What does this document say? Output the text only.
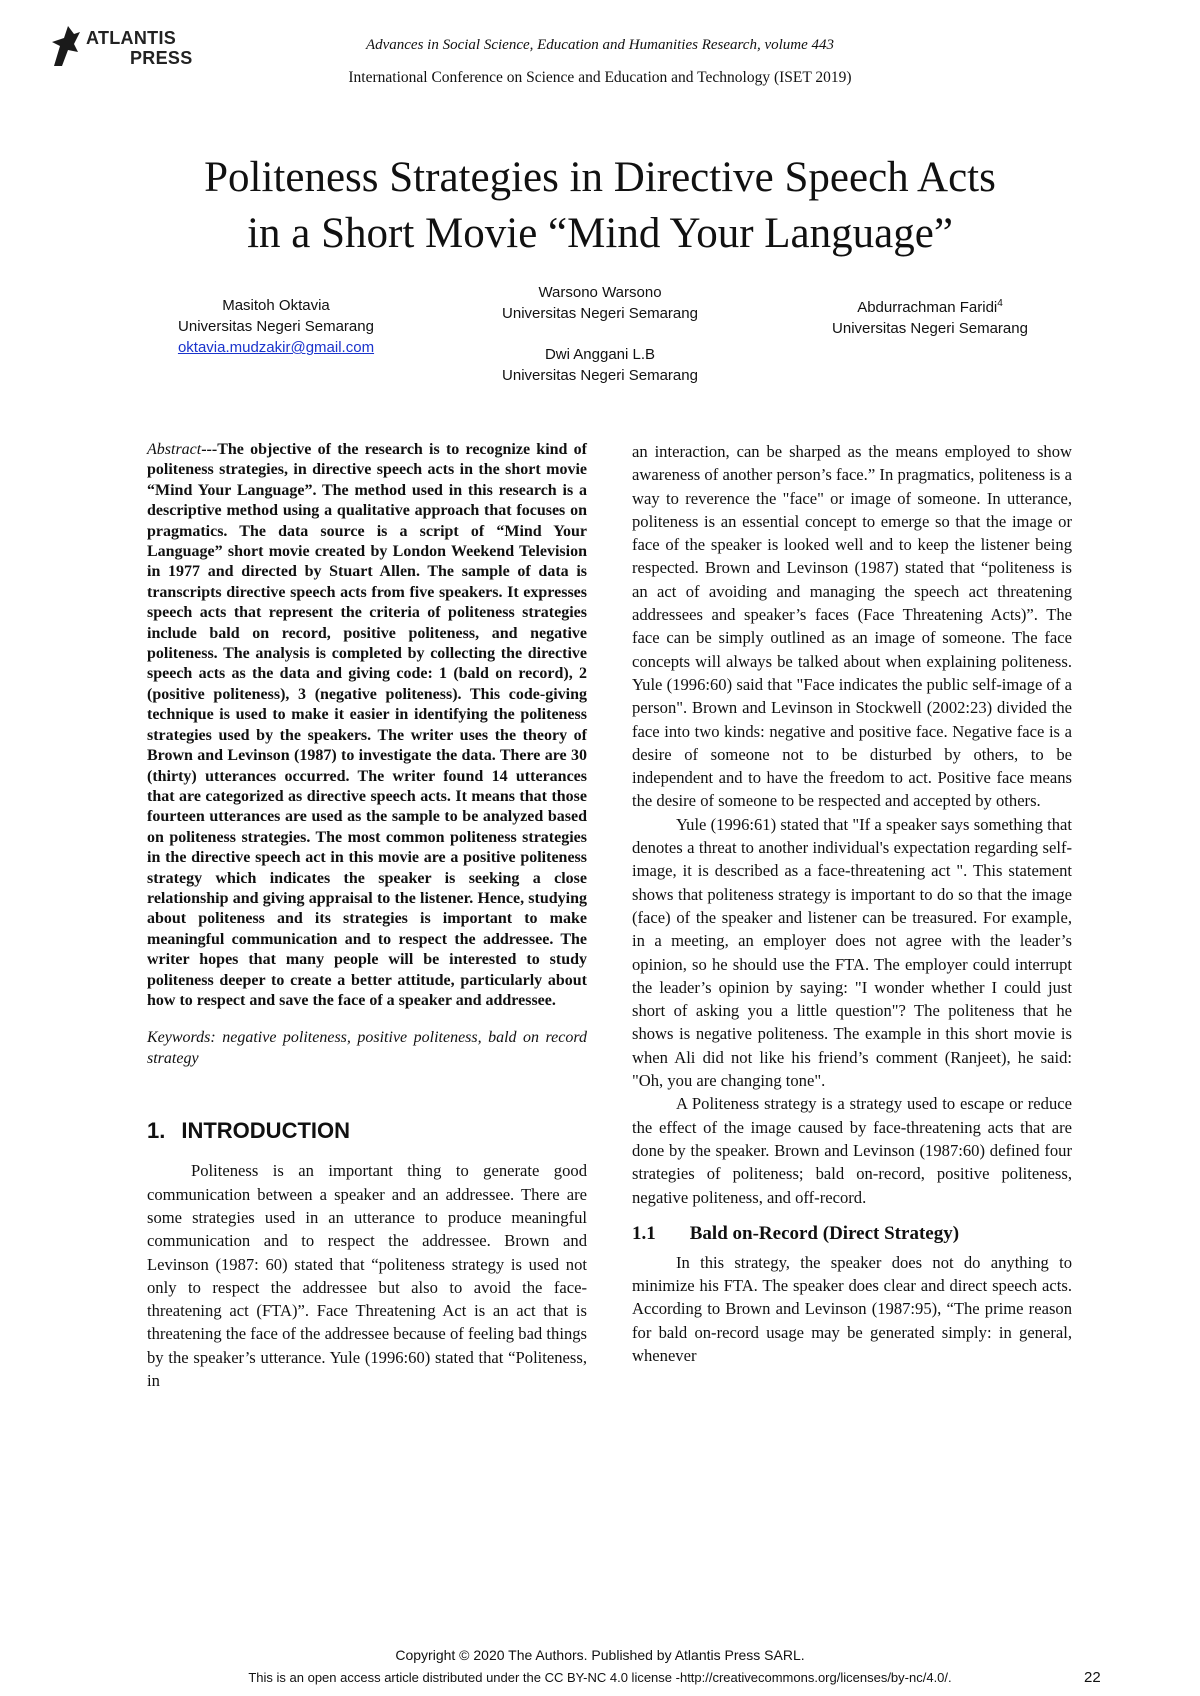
ATLANTIS
PRESS
Advances in Social Science, Education and Humanities Research, volume 443
International Conference on Science and Education and Technology (ISET 2019)
Politeness Strategies in Directive Speech Acts
in a Short Movie “Mind Your Language”
Masitoh Oktavia
Universitas Negeri Semarang
oktavia.mudzakir@gmail.com
Warsono Warsono
Universitas Negeri Semarang
Dwi Anggani L.B
Universitas Negeri Semarang
Abdurrachman Faridi$^4$
Universitas Negeri Semarang

Abstract---The objective of the research is to recognize kind of politeness strategies, in directive speech acts in the short movie “Mind Your Language”. The method used in this research is a descriptive method using a qualitative approach that focuses on pragmatics. The data source is a script of “Mind Your Language” short movie created by London Weekend Television in 1977 and directed by Stuart Allen. The sample of data is transcripts directive speech acts from five speakers. It expresses speech acts that represent the criteria of politeness strategies include bald on record, positive politeness, and negative politeness. The analysis is completed by collecting the directive speech acts as the data and giving code: 1 (bald on record), 2 (positive politeness), 3 (negative politeness). This code-giving technique is used to make it easier in identifying the politeness strategies used by the speakers. The writer uses the theory of Brown and Levinson (1987) to investigate the data. There are 30 (thirty) utterances occurred. The writer found 14 utterances that are categorized as directive speech acts. It means that those fourteen utterances are used as the sample to be analyzed based on politeness strategies. The most common politeness strategies in the directive speech act in this movie are a positive politeness strategy which indicates the speaker is seeking a close relationship and giving appraisal to the listener. Hence, studying about politeness and its strategies is important to make meaningful communication and to respect the addressee. The writer hopes that many people will be interested to study politeness deeper to create a better attitude, particularly about how to respect and save the face of a speaker and addressee.

Keywords: negative politeness, positive politeness, bald on record strategy

1. INTRODUCTION

Politeness is an important thing to generate good communication between a speaker and an addressee. There are some strategies used in an utterance to produce meaningful communication and to respect the addressee. Brown and Levinson (1987: 60) stated that “politeness strategy is used not only to respect the addressee but also to avoid the face-threatening act (FTA)”. Face Threatening Act is an act that is threatening the face of the addressee because of feeling bad things by the speaker’s utterance. Yule (1996:60) stated that “Politeness, in

an interaction, can be sharped as the means employed to show awareness of another person’s face.” In pragmatics, politeness is a way to reverence the "face" or image of someone. In utterance, politeness is an essential concept to emerge so that the image or face of the speaker is looked well and to keep the listener being respected. Brown and Levinson (1987) stated that “politeness is an act of avoiding and managing the speech act threatening addressees and speaker’s faces (Face Threatening Acts)”. The face can be simply outlined as an image of someone. The face concepts will always be talked about when explaining politeness. Yule (1996:60) said that "Face indicates the public self-image of a person". Brown and Levinson in Stockwell (2002:23) divided the face into two kinds: negative and positive face. Negative face is a desire of someone not to be disturbed by others, to be independent and to have the freedom to act. Positive face means the desire of someone to be respected and accepted by others.

Yule (1996:61) stated that "If a speaker says something that denotes a threat to another individual's expectation regarding self-image, it is described as a face-threatening act ". This statement shows that politeness strategy is important to do so that the image (face) of the speaker and listener can be treasured. For example, in a meeting, an employer does not agree with the leader’s opinion, so he should use the FTA. The employer could interrupt the leader’s opinion by saying: "I wonder whether I could just short of asking you a little question"? The politeness that he shows is negative politeness. The example in this short movie is when Ali did not like his friend’s comment (Ranjeet), he said: "Oh, you are changing tone".

A Politeness strategy is a strategy used to escape or reduce the effect of the image caused by face-threatening acts that are done by the speaker. Brown and Levinson (1987:60) defined four strategies of politeness; bald on-record, positive politeness, negative politeness, and off-record.

1.1 Bald on-Record (Direct Strategy)

In this strategy, the speaker does not do anything to minimize his FTA. The speaker does clear and direct speech acts. According to Brown and Levinson (1987:95), “The prime reason for bald on-record usage may be generated simply: in general, whenever

Copyright © 2020 The Authors. Published by Atlantis Press SARL.
This is an open access article distributed under the CC BY-NC 4.0 license -http://creativecommons.org/licenses/by-nc/4.0/.	22
